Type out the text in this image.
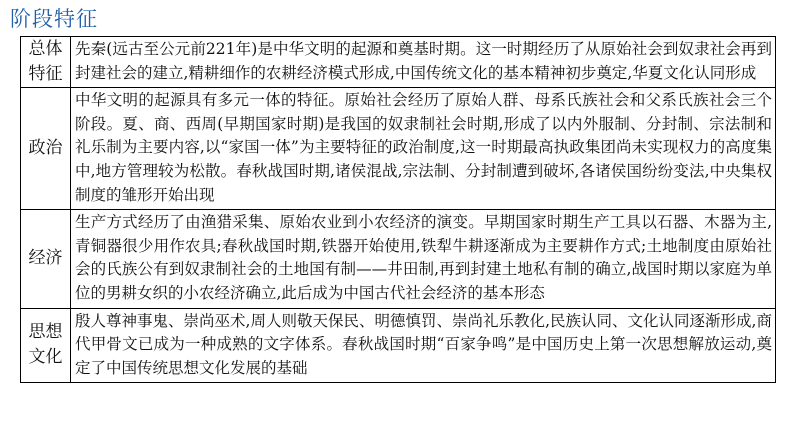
阶段特征
总体特征	先秦(远古至公元前221年)是中华文明的起源和奠基时期。这一时期经历了从原始社会到奴隶社会再到封建社会的建立,精耕细作的农耕经济模式形成,中国传统文化的基本精神初步奠定,华夏文化认同形成
政治	中华文明的起源具有多元一体的特征。原始社会经历了原始人群、母系氏族社会和父系氏族社会三个阶段。夏、商、西周(早期国家时期)是我国的奴隶制社会时期,形成了以内外服制、分封制、宗法制和礼乐制为主要内容,以“家国一体”为主要特征的政治制度,这一时期最高执政集团尚未实现权力的高度集中,地方管理较为松散。春秋战国时期,诸侯混战,宗法制、分封制遭到破坏,各诸侯国纷纷变法,中央集权制度的雏形开始出现
经济	生产方式经历了由渔猎采集、原始农业到小农经济的演变。早期国家时期生产工具以石器、木器为主,青铜器很少用作农具;春秋战国时期,铁器开始使用,铁犁牛耕逐渐成为主要耕作方式;土地制度由原始社会的氏族公有到奴隶制社会的土地国有制——井田制,再到封建土地私有制的确立,战国时期以家庭为单位的男耕女织的小农经济确立,此后成为中国古代社会经济的基本形态
思想文化	殷人尊神事鬼、崇尚巫术,周人则敬天保民、明德慎罚、崇尚礼乐教化,民族认同、文化认同逐渐形成,商代甲骨文已成为一种成熟的文字体系。春秋战国时期“百家争鸣”是中国历史上第一次思想解放运动,奠定了中国传统思想文化发展的基础
